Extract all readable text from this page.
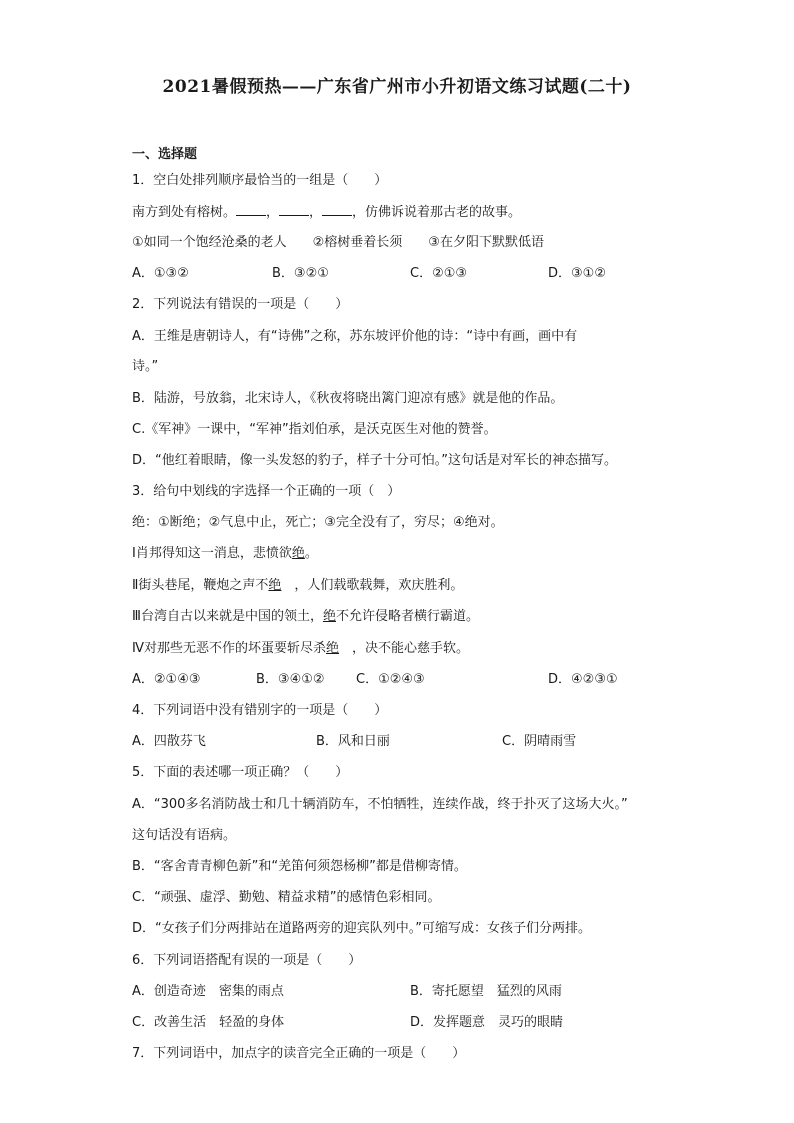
2021暑假预热——广东省广州市小升初语文练习试题(二十)
一、选择题
1．空白处排列顺序最恰当的一组是（　　）
南方到处有榕树。 ， ， ，仿佛诉说着那古老的故事。
①如同一个饱经沧桑的老人　　②榕树垂着长须　　③在夕阳下默默低语
A．①③②	B．③②①	C．②①③	D．③①②
2．下列说法有错误的一项是（　　）
A．王维是唐朝诗人，有“诗佛”之称，苏东坡评价他的诗：“诗中有画，画中有
诗。”
B．陆游，号放翁，北宋诗人，《秋夜将晓出篱门迎凉有感》就是他的作品。
C.《军神》一课中，“军神”指刘伯承，是沃克医生对他的赞誉。
D．“他红着眼睛，像一头发怒的豹子，样子十分可怕。”这句话是对军长的神态描写。
3．给句中划线的字选择一个正确的一项（　）
绝：①断绝；②气息中止，死亡；③完全没有了，穷尽；④绝对。
Ⅰ肖邦得知这一消息，悲愤欲绝。
Ⅱ街头巷尾，鞭炮之声不绝　，人们载歌载舞，欢庆胜利。
Ⅲ台湾自古以来就是中国的领土，绝不允许侵略者横行霸道。
Ⅳ对那些无恶不作的坏蛋要斩尽杀绝　，决不能心慈手软。
A．②①④③	B．③④①② C．①②④③	D．④②③①
4．下列词语中没有错别字的一项是（　　）
A．四散芬飞	B．风和日丽	C．阴晴雨雪
5．下面的表述哪一项正确？（　　）
A．“300多名消防战士和几十辆消防车，不怕牺牲，连续作战，终于扑灭了这场大火。”
这句话没有语病。
B．“客舍青青柳色新”和“羌笛何须怨杨柳”都是借柳寄情。
C．“顽强、虚浮、勤勉、精益求精”的感情色彩相同。
D．“女孩子们分两排站在道路两旁的迎宾队列中。”可缩写成：女孩子们分两排。
6．下列词语搭配有误的一项是（　　）
A．创造奇迹　密集的雨点	B．寄托愿望　猛烈的风雨
C．改善生活　轻盈的身体	D．发挥题意　灵巧的眼睛
7．下列词语中，加点字的读音完全正确的一项是（　　）
